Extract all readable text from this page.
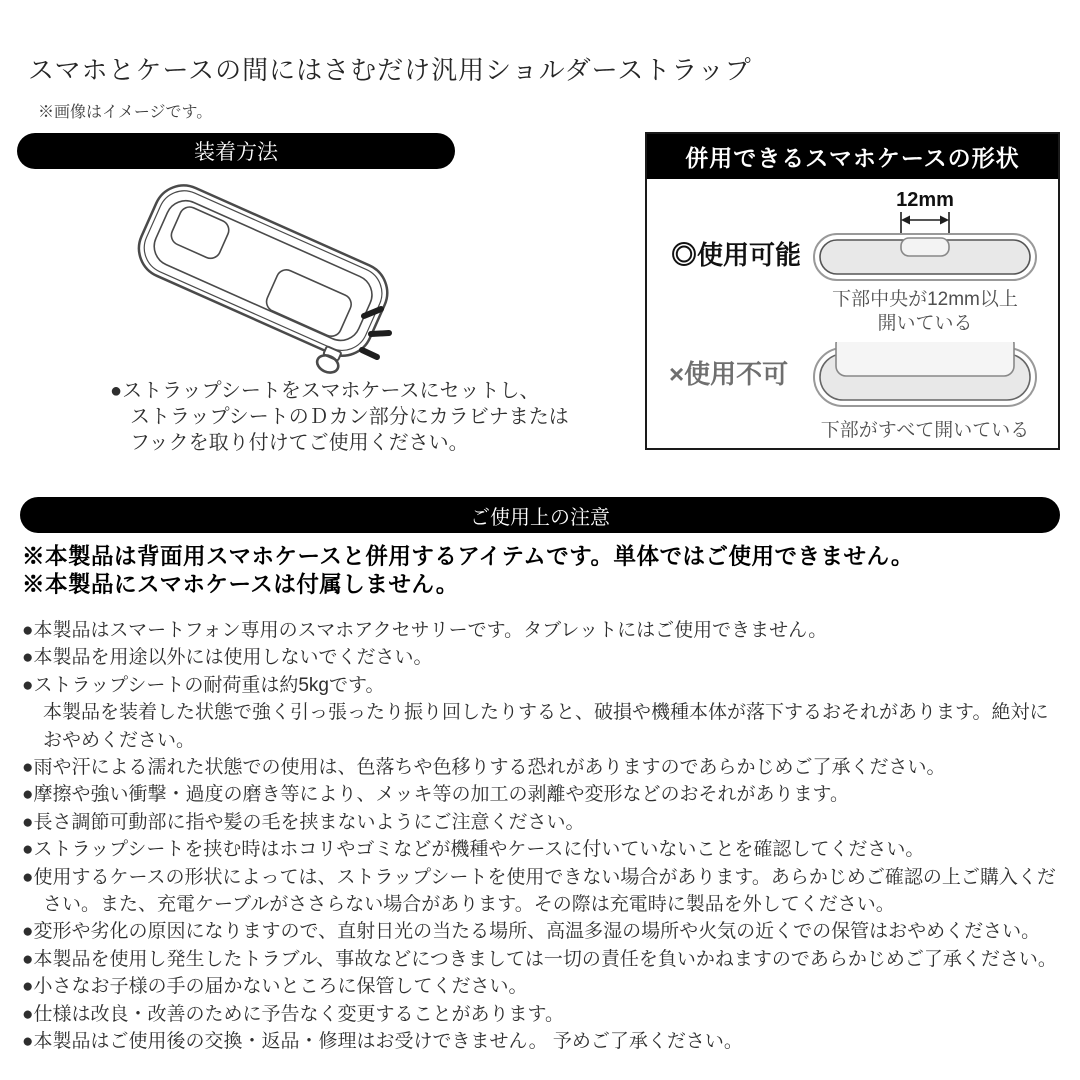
スマホとケースの間にはさむだけ汎用ショルダーストラップ
※画像はイメージです。
装着方法
●ストラップシートをスマホケースにセットし、
ストラップシートのＤカン部分にカラビナまたは
フックを取り付けてご使用ください。
併用できるスマホケースの形状
◎使用可能
12mm
下部中央が12mm以上
開いている
×使用不可
下部がすべて開いている
ご使用上の注意
※本製品は背面用スマホケースと併用するアイテムです。単体ではご使用できません。
※本製品にスマホケースは付属しません。
●本製品はスマートフォン専用のスマホアクセサリーです。タブレットにはご使用できません。
●本製品を用途以外には使用しないでください。
●ストラップシートの耐荷重は約5kgです。
本製品を装着した状態で強く引っ張ったり振り回したりすると、破損や機種本体が落下するおそれがあります。絶対におやめください。
●雨や汗による濡れた状態での使用は、色落ちや色移りする恐れがありますのであらかじめご了承ください。
●摩擦や強い衝撃・過度の磨き等により、メッキ等の加工の剥離や変形などのおそれがあります。
●長さ調節可動部に指や髪の毛を挟まないようにご注意ください。
●ストラップシートを挟む時はホコリやゴミなどが機種やケースに付いていないことを確認してください。
●使用するケースの形状によっては、ストラップシートを使用できない場合があります。あらかじめご確認の上ご購入ください。また、充電ケーブルがささらない場合があります。その際は充電時に製品を外してください。
●変形や劣化の原因になりますので、直射日光の当たる場所、高温多湿の場所や火気の近くでの保管はおやめください。
●本製品を使用し発生したトラブル、事故などにつきましては一切の責任を負いかねますのであらかじめご了承ください。
●小さなお子様の手の届かないところに保管してください。
●仕様は改良・改善のために予告なく変更することがあります。
●本製品はご使用後の交換・返品・修理はお受けできません。 予めご了承ください。
